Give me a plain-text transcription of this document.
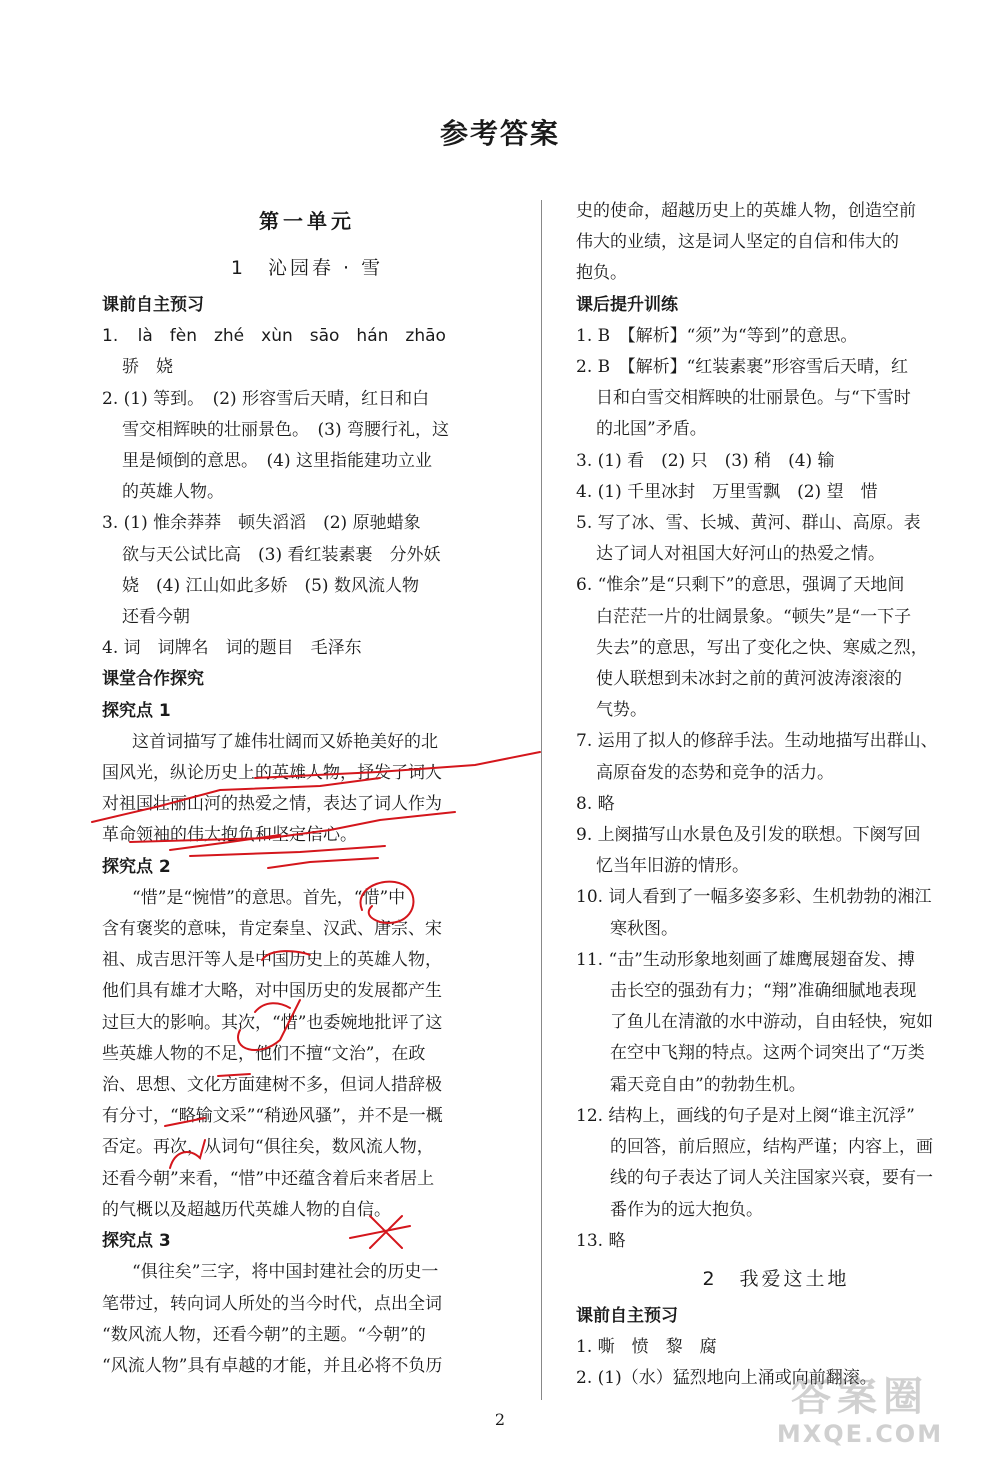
参考答案
第一单元
1　沁园春 · 雪
课前自主预习
1. là　fèn　zhé　xùn　sāo　hán　zhāo
骄　娆
2. (1) 等到。　(2) 形容雪后天晴，红日和白
雪交相辉映的壮丽景色。　(3) 弯腰行礼，这
里是倾倒的意思。　(4) 这里指能建功立业
的英雄人物。
3. (1) 惟余莽莽　顿失滔滔　(2) 原驰蜡象
欲与天公试比高　(3) 看红装素裹　分外妖
娆　(4) 江山如此多娇　(5) 数风流人物
还看今朝
4. 词　词牌名　词的题目　毛泽东
课堂合作探究
探究点 1
这首词描写了雄伟壮阔而又娇艳美好的北
国风光，纵论历史上的英雄人物，抒发了词人
对祖国壮丽山河的热爱之情，表达了词人作为
革命领袖的伟大抱负和坚定信心。
探究点 2
“惜”是“惋惜”的意思。首先，“惜”中
含有褒奖的意味，肯定秦皇、汉武、唐宗、宋
祖、成吉思汗等人是中国历史上的英雄人物，
他们具有雄才大略，对中国历史的发展都产生
过巨大的影响。其次，“惜”也委婉地批评了这
些英雄人物的不足，他们不擅“文治”，在政
治、思想、文化方面建树不多，但词人措辞极
有分寸，“略输文采”“稍逊风骚”，并不是一概
否定。再次，从词句“俱往矣，数风流人物，
还看今朝”来看，“惜”中还蕴含着后来者居上
的气概以及超越历代英雄人物的自信。
探究点 3
“俱往矣”三字，将中国封建社会的历史一
笔带过，转向词人所处的当今时代，点出全词
“数风流人物，还看今朝”的主题。“今朝”的
“风流人物”具有卓越的才能，并且必将不负历
史的使命，超越历史上的英雄人物，创造空前
伟大的业绩，这是词人坚定的自信和伟大的
抱负。
课后提升训练
1. B　【解析】“须”为“等到”的意思。
2. B　【解析】“红装素裹”形容雪后天晴，红
日和白雪交相辉映的壮丽景色。与“下雪时
的北国”矛盾。
3. (1) 看　(2) 只　(3) 稍　(4) 输
4. (1) 千里冰封　万里雪飘　(2) 望　惜
5. 写了冰、雪、长城、黄河、群山、高原。表
达了词人对祖国大好河山的热爱之情。
6. “惟余”是“只剩下”的意思，强调了天地间
白茫茫一片的壮阔景象。“顿失”是“一下子
失去”的意思，写出了变化之快、寒威之烈，
使人联想到未冰封之前的黄河波涛滚滚的
气势。
7. 运用了拟人的修辞手法。生动地描写出群山、
高原奋发的态势和竞争的活力。
8. 略
9. 上阕描写山水景色及引发的联想。下阕写回
忆当年旧游的情形。
10. 词人看到了一幅多姿多彩、生机勃勃的湘江
寒秋图。
11. “击”生动形象地刻画了雄鹰展翅奋发、搏
击长空的强劲有力；“翔”准确细腻地表现
了鱼儿在清澈的水中游动，自由轻快，宛如
在空中飞翔的特点。这两个词突出了“万类
霜天竞自由”的勃勃生机。
12. 结构上，画线的句子是对上阕“谁主沉浮”
的回答，前后照应，结构严谨；内容上，画
线的句子表达了词人关注国家兴衰，要有一
番作为的远大抱负。
13. 略
2　我爱这土地
课前自主预习
1. 嘶　愤　黎　腐
2. (1)（水）猛烈地向上涌或向前翻滚。
2	答案圈
MXQE.COM
